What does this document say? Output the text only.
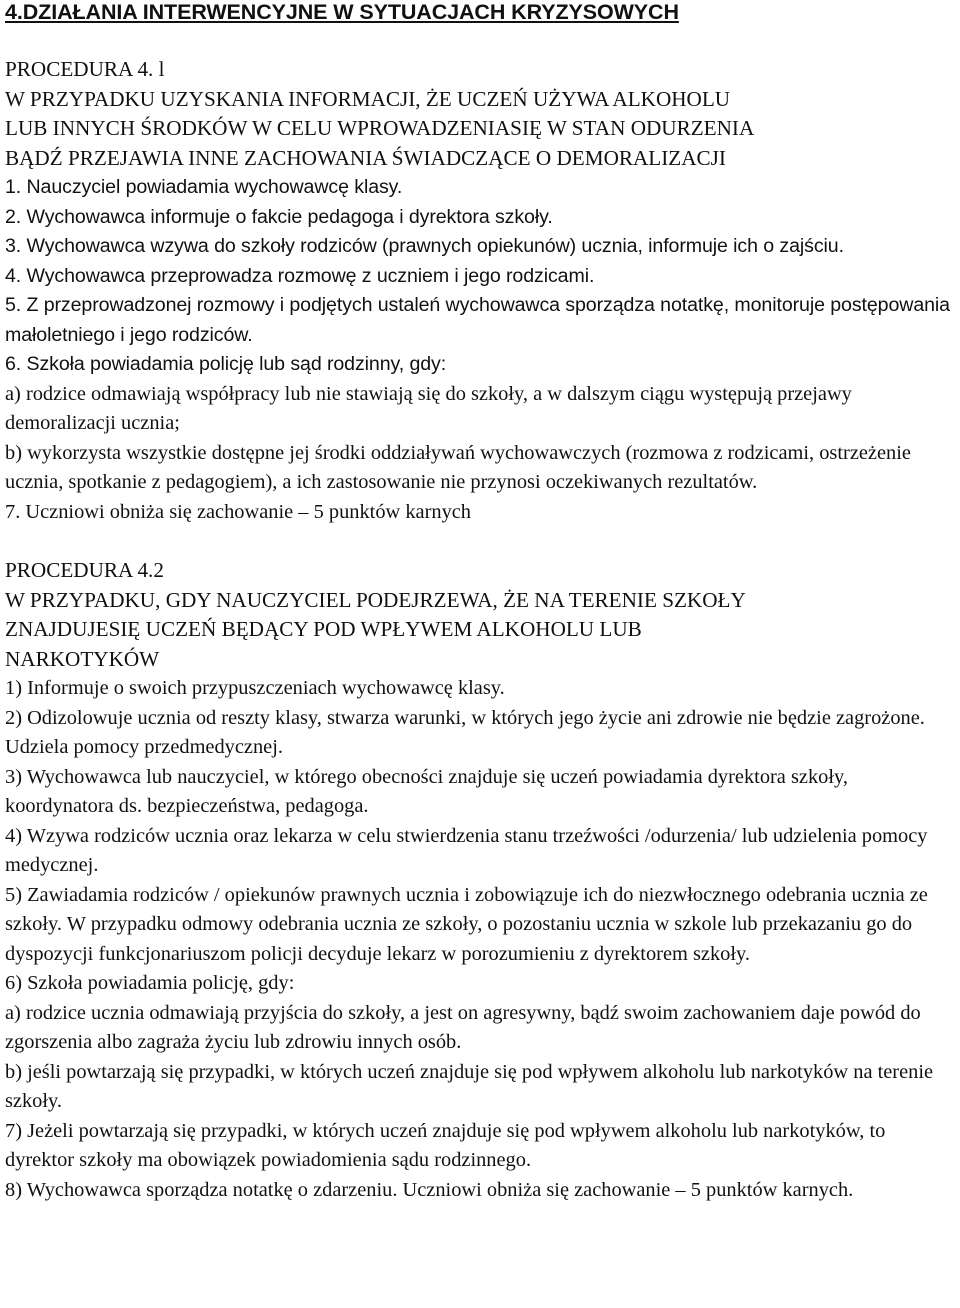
4.DZIAŁANIA INTERWENCYJNE W SYTUACJACH KRYZYSOWYCH

PROCEDURA 4. l

W PRZYPADKU UZYSKANIA INFORMACJI, ŻE UCZEŃ UŻYWA ALKOHOLU

LUB INNYCH ŚRODKÓW W CELU WPROWADZENIASIĘ W STAN ODURZENIA

BĄDŹ PRZEJAWIA INNE ZACHOWANIA ŚWIADCZĄCE O DEMORALIZACJI

1. Nauczyciel powiadamia wychowawcę klasy.

2. Wychowawca informuje o fakcie pedagoga i dyrektora szkoły.

3. Wychowawca wzywa do szkoły rodziców (prawnych opiekunów) ucznia, informuje ich o zajściu.

4. Wychowawca przeprowadza rozmowę z uczniem i jego rodzicami.

5. Z przeprowadzonej rozmowy i podjętych ustaleń wychowawca sporządza notatkę, monitoruje postępowania małoletniego i jego rodziców.

6. Szkoła powiadamia policję lub sąd rodzinny, gdy:

a) rodzice odmawiają współpracy lub nie stawiają się do szkoły, a w dalszym ciągu występują przejawy demoralizacji ucznia;

b) wykorzysta wszystkie dostępne jej środki oddziaływań wychowawczych (rozmowa z rodzicami, ostrzeżenie ucznia, spotkanie z pedagogiem), a ich zastosowanie nie przynosi oczekiwanych rezultatów.

7. Uczniowi obniża się zachowanie – 5 punktów karnych

PROCEDURA 4.2

W PRZYPADKU, GDY NAUCZYCIEL PODEJRZEWA, ŻE NA TERENIE SZKOŁY

ZNAJDUJESIĘ UCZEŃ BĘDĄCY POD WPŁYWEM ALKOHOLU LUB

NARKOTYKÓW

1) Informuje o swoich przypuszczeniach wychowawcę klasy.

2) Odizolowuje ucznia od reszty klasy, stwarza warunki, w których jego życie ani zdrowie nie będzie zagrożone. Udziela pomocy przedmedycznej.

3) Wychowawca lub nauczyciel, w którego obecności znajduje się uczeń powiadamia dyrektora szkoły, koordynatora ds. bezpieczeństwa, pedagoga.

4) Wzywa rodziców ucznia oraz lekarza w celu stwierdzenia stanu trzeźwości /odurzenia/ lub udzielenia pomocy medycznej.

5) Zawiadamia rodziców / opiekunów prawnych ucznia i zobowiązuje ich do niezwłocznego odebrania ucznia ze szkoły. W przypadku odmowy odebrania ucznia ze szkoły, o pozostaniu ucznia w szkole lub przekazaniu go do dyspozycji funkcjonariuszom policji decyduje lekarz w porozumieniu z dyrektorem szkoły.

6) Szkoła powiadamia policję, gdy:

a) rodzice ucznia odmawiają przyjścia do szkoły, a jest on agresywny, bądź swoim zachowaniem daje powód do zgorszenia albo zagraża życiu lub zdrowiu innych osób.

b) jeśli powtarzają się przypadki, w których uczeń znajduje się pod wpływem alkoholu lub narkotyków na terenie szkoły.

7) Jeżeli powtarzają się przypadki, w których uczeń znajduje się pod wpływem alkoholu lub narkotyków, to dyrektor szkoły ma obowiązek powiadomienia sądu rodzinnego.

8) Wychowawca sporządza notatkę o zdarzeniu. Uczniowi obniża się zachowanie – 5 punktów karnych.
